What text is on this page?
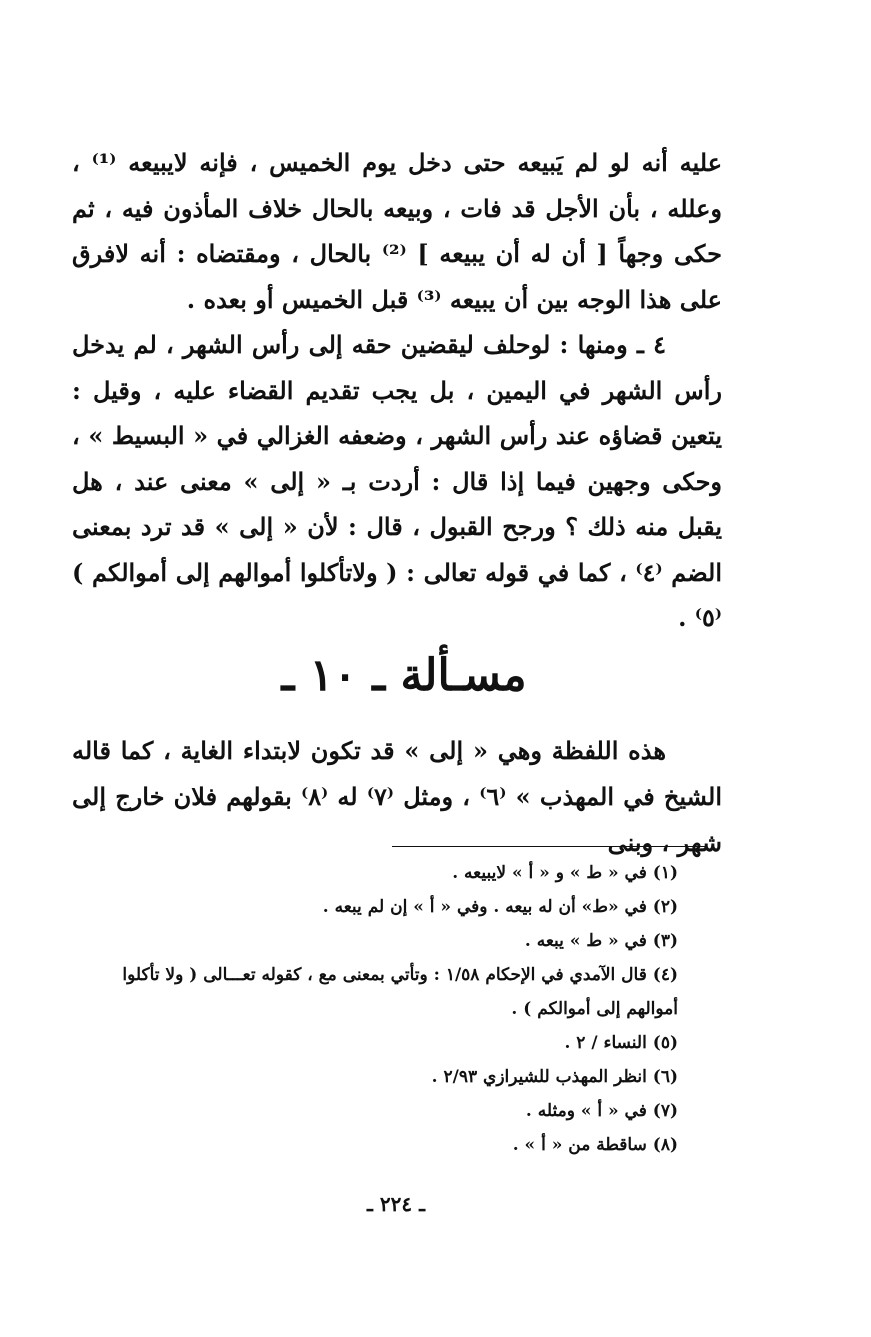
عليه أنه لو لم يَبيعه حتى دخل يوم الخميس ، فإنه لايبيعه ⁽¹⁾ ، وعلله ، بأن الأجل قد فات ، وبيعه بالحال خلاف المأذون فيه ، ثم حكى وجهاً [ أن له أن يبيعه ] ⁽²⁾ بالحال ، ومقتضاه : أنه لافرق على هذا الوجه بين أن يبيعه ⁽³⁾ قبل الخميس أو بعده .

٤ ـ ومنها : لوحلف ليقضين حقه إلى رأس الشهر ، لم يدخل رأس الشهر في اليمين ، بل يجب تقديم القضاء عليه ، وقيل : يتعين قضاؤه عند رأس الشهر ، وضعفه الغزالي في « البسيط » ، وحكى وجهين فيما إذا قال : أردت بـ « إلى » معنى عند ، هل يقبل منه ذلك ؟ ورجح القبول ، قال : لأن « إلى » قد ترد بمعنى الضم ⁽٤⁾ ، كما في قوله تعالى : ( ولاتأكلوا أموالهم إلى أموالكم ) ⁽٥⁾ .

مسـألة ـ ١٠ ـ

هذه اللفظة وهي « إلى » قد تكون لابتداء الغاية ، كما قاله الشيخ في المهذب » ⁽٦⁾ ، ومثل ⁽٧⁾ له ⁽٨⁾ بقولهم فلان خارج إلى شهر ، وبنى

(١) في « ط » و « أ » لايبيعه .

(٢) في «ط» أن له بيعه . وفي « أ » إن لم يبعه .

(٣) في « ط » يبعه .

(٤) قال الآمدي في الإحكام ١/٥٨ : وتأتي بمعنى مع ، كقوله تعـــالى ( ولا تأكلوا أموالهم إلى أموالكم ) .

(٥) النساء / ٢ .

(٦) انظر المهذب للشيرازي ٢/٩٣ .

(٧) في « أ » ومثله .

(٨) ساقطة من « أ » .

ـ ٢٢٤ ـ
